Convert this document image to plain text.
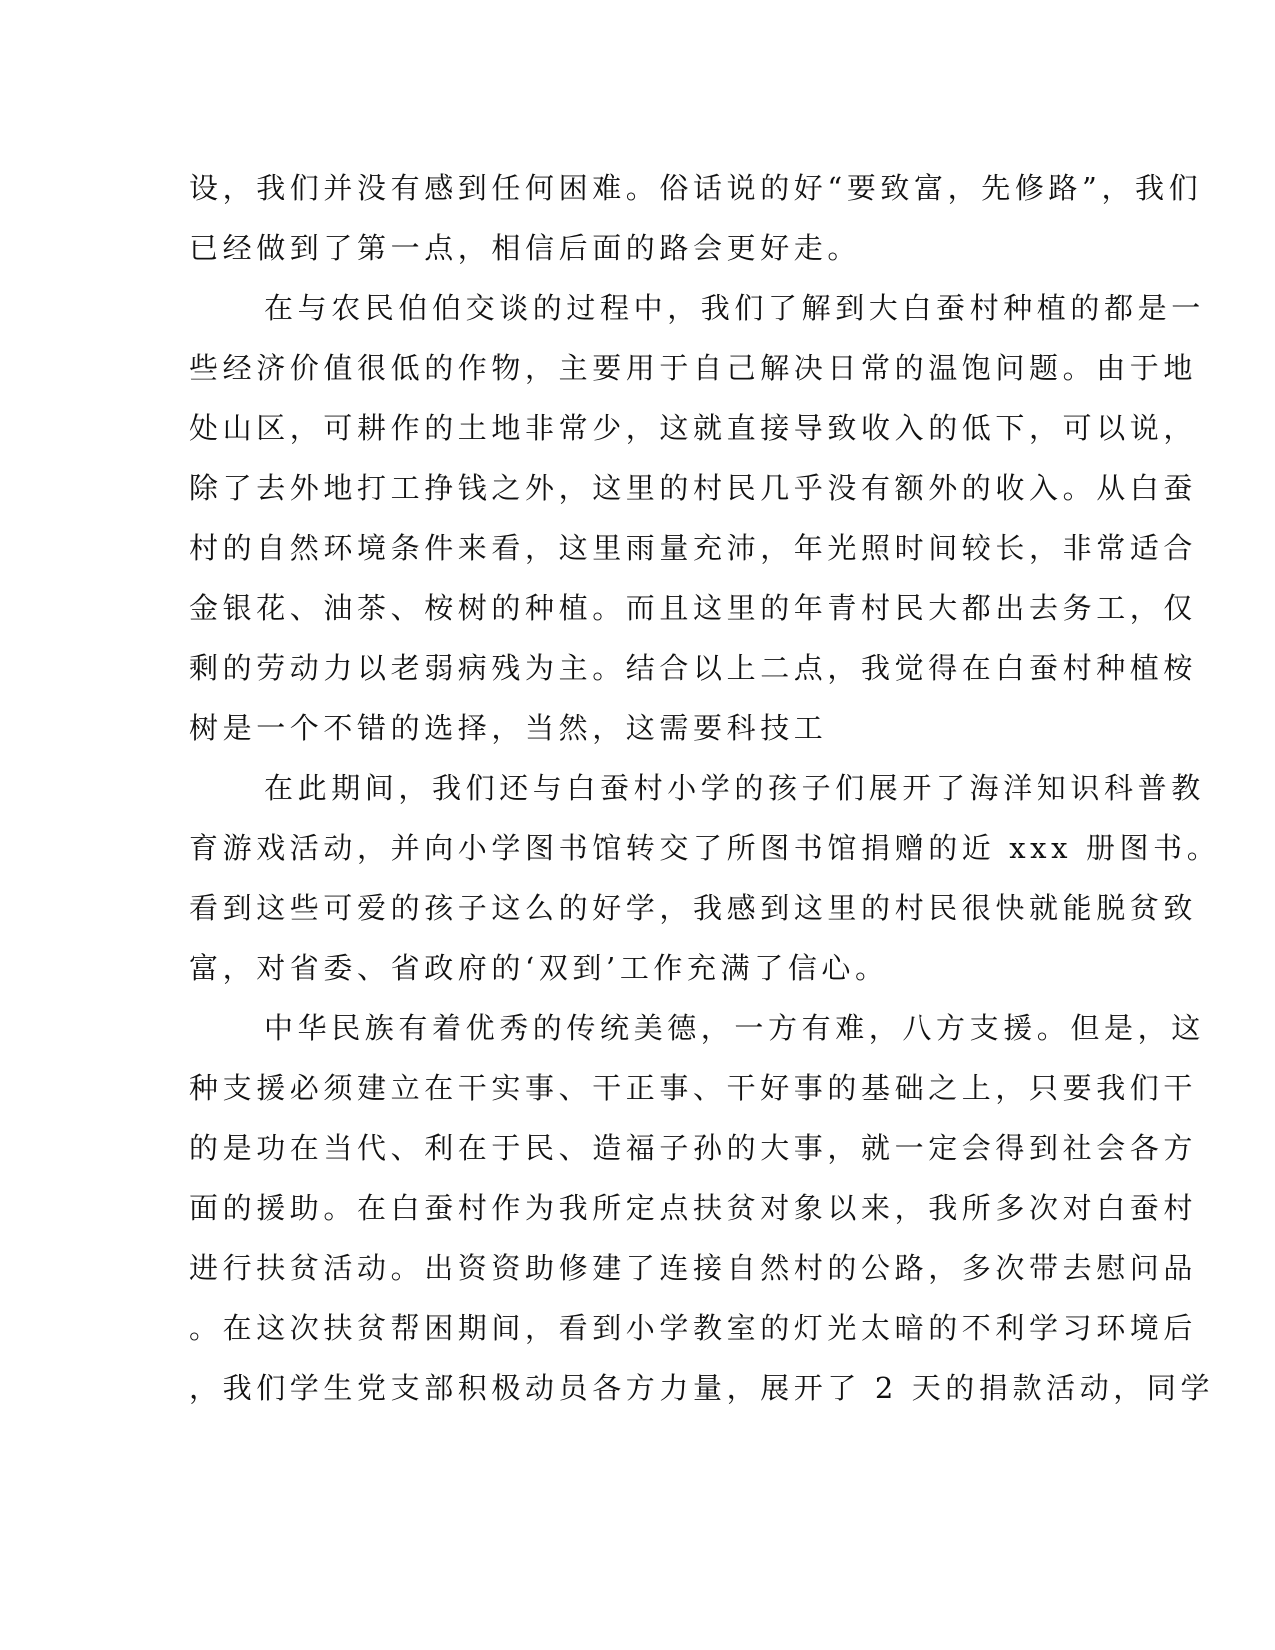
设，我们并没有感到任何困难。俗话说的好“要致富，先修路”，我们
已经做到了第一点，相信后面的路会更好走。
在与农民伯伯交谈的过程中，我们了解到大白蚕村种植的都是一
些经济价值很低的作物，主要用于自己解决日常的温饱问题。由于地
处山区，可耕作的土地非常少，这就直接导致收入的低下，可以说，
除了去外地打工挣钱之外，这里的村民几乎没有额外的收入。从白蚕
村的自然环境条件来看，这里雨量充沛，年光照时间较长，非常适合
金银花、油茶、桉树的种植。而且这里的年青村民大都出去务工，仅
剩的劳动力以老弱病残为主。结合以上二点，我觉得在白蚕村种植桉
树是一个不错的选择，当然，这需要科技工
在此期间，我们还与白蚕村小学的孩子们展开了海洋知识科普教
育游戏活动，并向小学图书馆转交了所图书馆捐赠的近 xxx 册图书。
看到这些可爱的孩子这么的好学，我感到这里的村民很快就能脱贫致
富，对省委、省政府的‘双到’工作充满了信心。
中华民族有着优秀的传统美德，一方有难，八方支援。但是，这
种支援必须建立在干实事、干正事、干好事的基础之上，只要我们干
的是功在当代、利在于民、造福子孙的大事，就一定会得到社会各方
面的援助。在白蚕村作为我所定点扶贫对象以来，我所多次对白蚕村
进行扶贫活动。出资资助修建了连接自然村的公路，多次带去慰问品
。在这次扶贫帮困期间，看到小学教室的灯光太暗的不利学习环境后
，我们学生党支部积极动员各方力量，展开了 2 天的捐款活动，同学
